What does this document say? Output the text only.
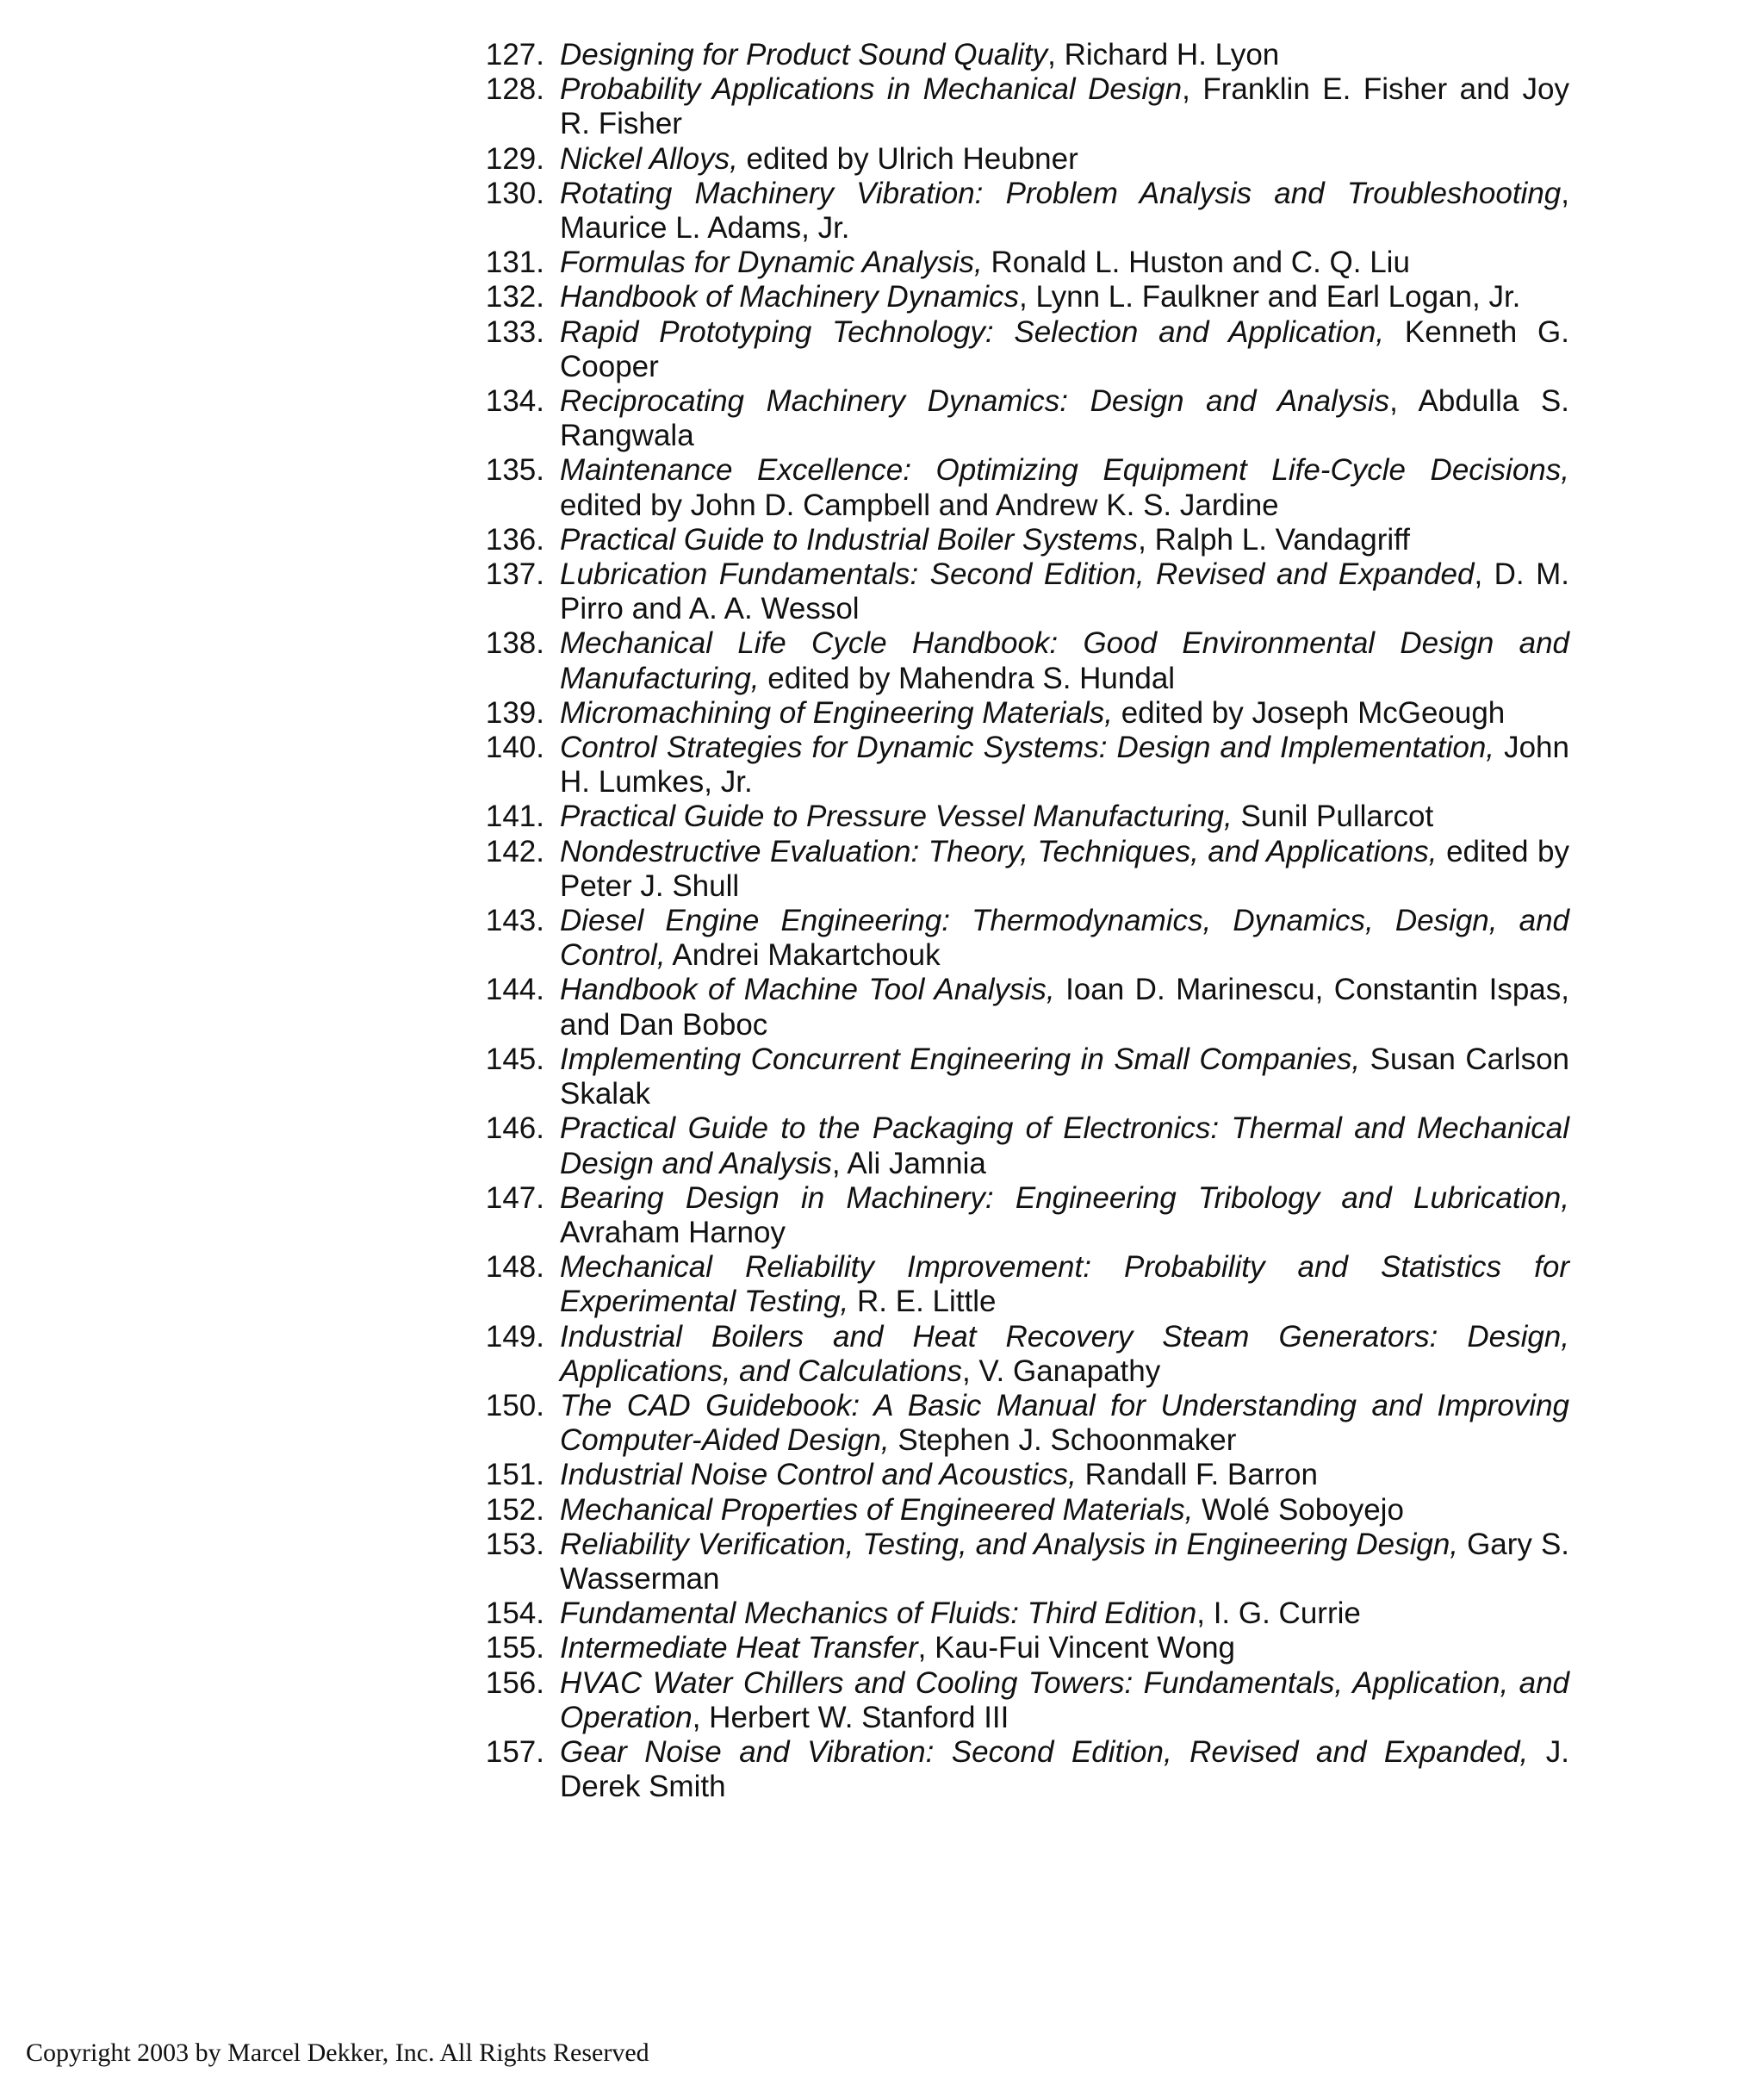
127. Designing for Product Sound Quality, Richard H. Lyon
128. Probability Applications in Mechanical Design, Franklin E. Fisher and Joy R. Fisher
129. Nickel Alloys, edited by Ulrich Heubner
130. Rotating Machinery Vibration: Problem Analysis and Troubleshooting, Maurice L. Adams, Jr.
131. Formulas for Dynamic Analysis, Ronald L. Huston and C. Q. Liu
132. Handbook of Machinery Dynamics, Lynn L. Faulkner and Earl Logan, Jr.
133. Rapid Prototyping Technology: Selection and Application, Kenneth G. Cooper
134. Reciprocating Machinery Dynamics: Design and Analysis, Abdulla S. Rangwala
135. Maintenance Excellence: Optimizing Equipment Life-Cycle Decisions, edited by John D. Campbell and Andrew K. S. Jardine
136. Practical Guide to Industrial Boiler Systems, Ralph L. Vandagriff
137. Lubrication Fundamentals: Second Edition, Revised and Expanded, D. M. Pirro and A. A. Wessol
138. Mechanical Life Cycle Handbook: Good Environmental Design and Manufacturing, edited by Mahendra S. Hundal
139. Micromachining of Engineering Materials, edited by Joseph McGeough
140. Control Strategies for Dynamic Systems: Design and Implementation, John H. Lumkes, Jr.
141. Practical Guide to Pressure Vessel Manufacturing, Sunil Pullarcot
142. Nondestructive Evaluation: Theory, Techniques, and Applications, edited by Peter J. Shull
143. Diesel Engine Engineering: Thermodynamics, Dynamics, Design, and Control, Andrei Makartchouk
144. Handbook of Machine Tool Analysis, Ioan D. Marinescu, Constantin Ispas, and Dan Boboc
145. Implementing Concurrent Engineering in Small Companies, Susan Carlson Skalak
146. Practical Guide to the Packaging of Electronics: Thermal and Mechanical Design and Analysis, Ali Jamnia
147. Bearing Design in Machinery: Engineering Tribology and Lubrication, Avraham Harnoy
148. Mechanical Reliability Improvement: Probability and Statistics for Experimental Testing, R. E. Little
149. Industrial Boilers and Heat Recovery Steam Generators: Design, Applications, and Calculations, V. Ganapathy
150. The CAD Guidebook: A Basic Manual for Understanding and Improving Computer-Aided Design, Stephen J. Schoonmaker
151. Industrial Noise Control and Acoustics, Randall F. Barron
152. Mechanical Properties of Engineered Materials, Wolé Soboyejo
153. Reliability Verification, Testing, and Analysis in Engineering Design, Gary S. Wasserman
154. Fundamental Mechanics of Fluids: Third Edition, I. G. Currie
155. Intermediate Heat Transfer, Kau-Fui Vincent Wong
156. HVAC Water Chillers and Cooling Towers: Fundamentals, Application, and Operation, Herbert W. Stanford III
157. Gear Noise and Vibration: Second Edition, Revised and Expanded, J. Derek Smith
Copyright 2003 by Marcel Dekker, Inc. All Rights Reserved
